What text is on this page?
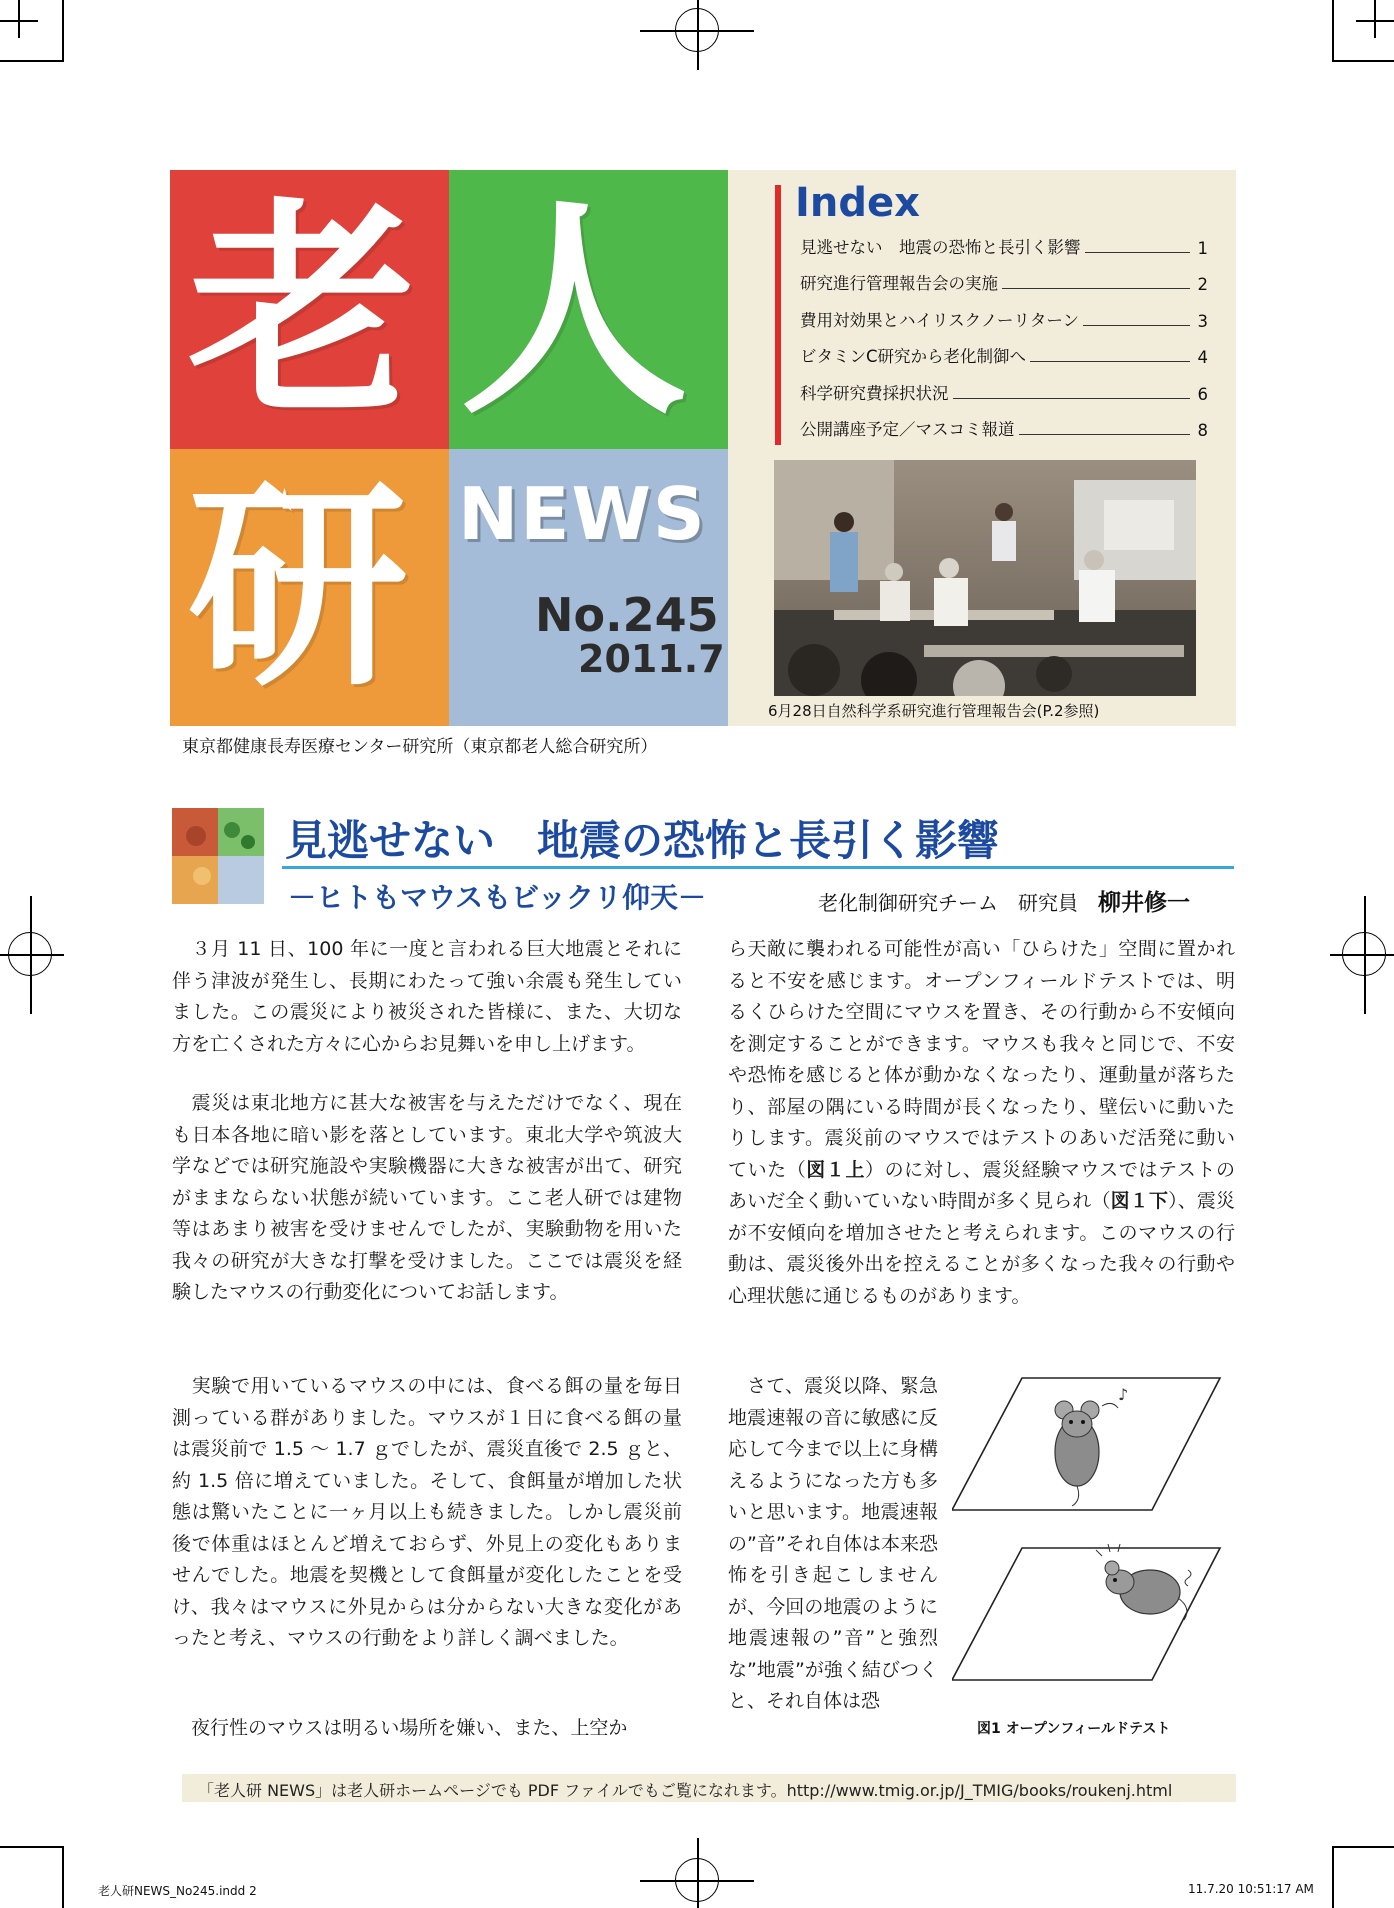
老 人
研 NEWS
No.245
2011.7
東京都健康長寿医療センター研究所（東京都老人総合研究所）
Index
見逃せない　地震の恐怖と長引く影響	1
研究進行管理報告会の実施	2
費用対効果とハイリスクノーリターン	3
ビタミンC研究から老化制御へ	4
科学研究費採択状況	6
公開講座予定／マスコミ報道	8
6月28日自然科学系研究進行管理報告会(P.2参照)
見逃せない　地震の恐怖と長引く影響
－ヒトもマウスもビックリ仰天－	老化制御研究チーム　研究員　 柳井修一
　３月 11 日、100 年に一度と言われる巨大地震とそれに伴う津波が発生し、長期にわたって強い余震も発生していました。この震災により被災された皆様に、また、大切な方を亡くされた方々に心からお見舞いを申し上げます。
　震災は東北地方に甚大な被害を与えただけでなく、現在も日本各地に暗い影を落としています。東北大学や筑波大学などでは研究施設や実験機器に大きな被害が出て、研究がままならない状態が続いています。ここ老人研では建物等はあまり被害を受けませんでしたが、実験動物を用いた我々の研究が大きな打撃を受けました。ここでは震災を経験したマウスの行動変化についてお話します。
　実験で用いているマウスの中には、食べる餌の量を毎日測っている群がありました。マウスが１日に食べる餌の量は震災前で 1.5 ～ 1.7 ｇでしたが、震災直後で 2.5 ｇと、約 1.5 倍に増えていました。そして、食餌量が増加した状態は驚いたことに一ヶ月以上も続きました。しかし震災前後で体重はほとんど増えておらず、外見上の変化もありませんでした。地震を契機として食餌量が変化したことを受け、我々はマウスに外見からは分からない大きな変化があったと考え、マウスの行動をより詳しく調べました。
　夜行性のマウスは明るい場所を嫌い、また、上空か
ら天敵に襲われる可能性が高い「ひらけた」空間に置かれると不安を感じます。オープンフィールドテストでは、明るくひらけた空間にマウスを置き、その行動から不安傾向を測定することができます。マウスも我々と同じで、不安や恐怖を感じると体が動かなくなったり、運動量が落ちたり、部屋の隅にいる時間が長くなったり、壁伝いに動いたりします。震災前のマウスではテストのあいだ活発に動いていた（図１上）のに対し、震災経験マウスではテストのあいだ全く動いていない時間が多く見られ（図１下）、震災が不安傾向を増加させたと考えられます。このマウスの行動は、震災後外出を控えることが多くなった我々の行動や心理状態に通じるものがあります。
　さて、震災以降、緊急地震速報の音に敏感に反応して今まで以上に身構えるようになった方も多いと思います。地震速報の”音”それ自体は本来恐怖を引き起こしませんが、今回の地震のように地震速報の”音”と強烈な”地震”が強く結びつくと、それ自体は恐
♪
図1 オープンフィールドテスト
「老人研 NEWS」は老人研ホームページでも PDF ファイルでもご覧になれます。http://www.tmig.or.jp/J_TMIG/books/roukenj.html
老人研NEWS_No245.indd 2	11.7.20 10:51:17 AM
